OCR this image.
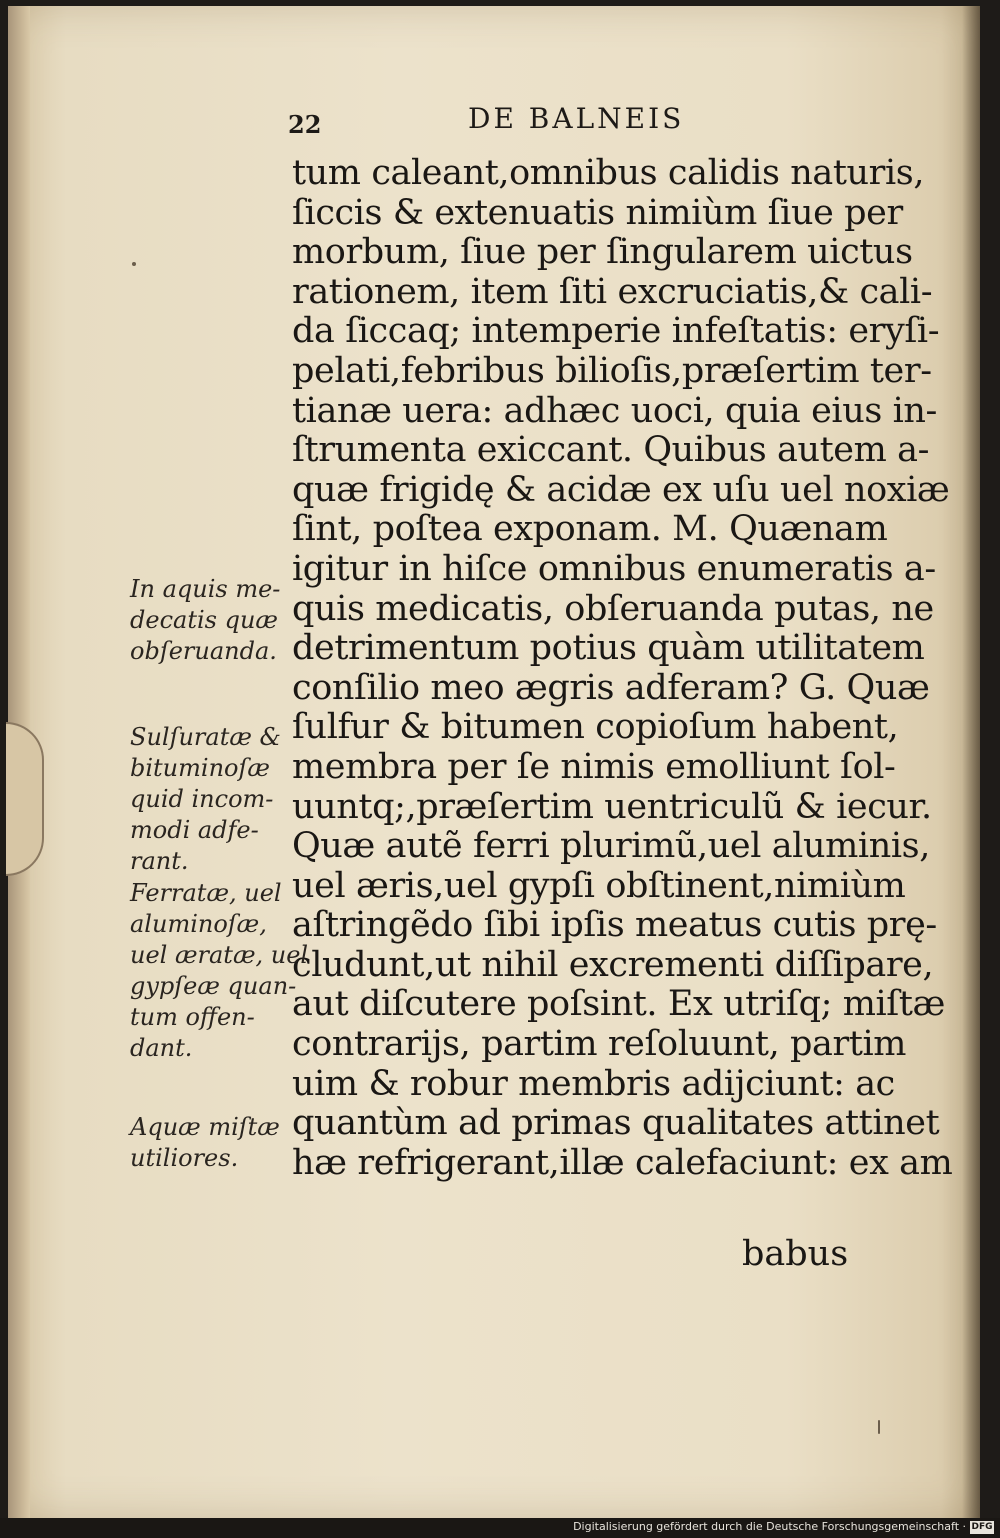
22	DE BALNEIS
tum caleant,omnibus calidis naturis,
ſiccis & extenuatis nimiùm ſiue per
morbum, ſiue per ſingularem uictus
rationem, item ſiti excruciatis,& cali-
da ſiccaq; intemperie infeſtatis: eryſi-
pelati,febribus bilioſis,præſertim ter-
tianæ uera: adhæc uoci, quia eius in-
ſtrumenta exiccant. Quibus autem a-
quæ frigidę & acidæ ex uſu uel noxiæ
ſint, poſtea exponam. M. Quænam
igitur in hiſce omnibus enumeratis a-
quis medicatis, obſeruanda putas, ne
detrimentum potius quàm utilitatem
conſilio meo ægris adferam? G. Quæ
ſulfur & bitumen copioſum habent,
membra per ſe nimis emolliunt ſol-
uuntq;,præſertim uentriculũ & iecur.
Quæ autẽ ferri plurimũ,uel aluminis,
uel æris,uel gypſi obſtinent,nimiùm
aſtringẽdo ſibi ipſis meatus cutis prę-
cludunt,ut nihil excrementi diſſipare,
aut diſcutere poſsint. Ex utriſq; miſtæ
contrarijs, partim reſoluunt, partim
uim & robur membris adijciunt: ac
quantùm ad primas qualitates attinet
hæ refrigerant,illæ calefaciunt: ex am
babus
In aquis me-
decatis quæ
obſeruanda.
Sulſuratæ &
bituminoſæ
quid incom-
modi adfe-
rant.
Ferratæ, uel
aluminoſæ,
uel æratæ, uel
gypſeæ quan-
tum offen-
dant.
Aquæ miſtæ
utiliores.
Digitalisierung gefördert durch die Deutsche Forschungsgemeinschaft · DFG
